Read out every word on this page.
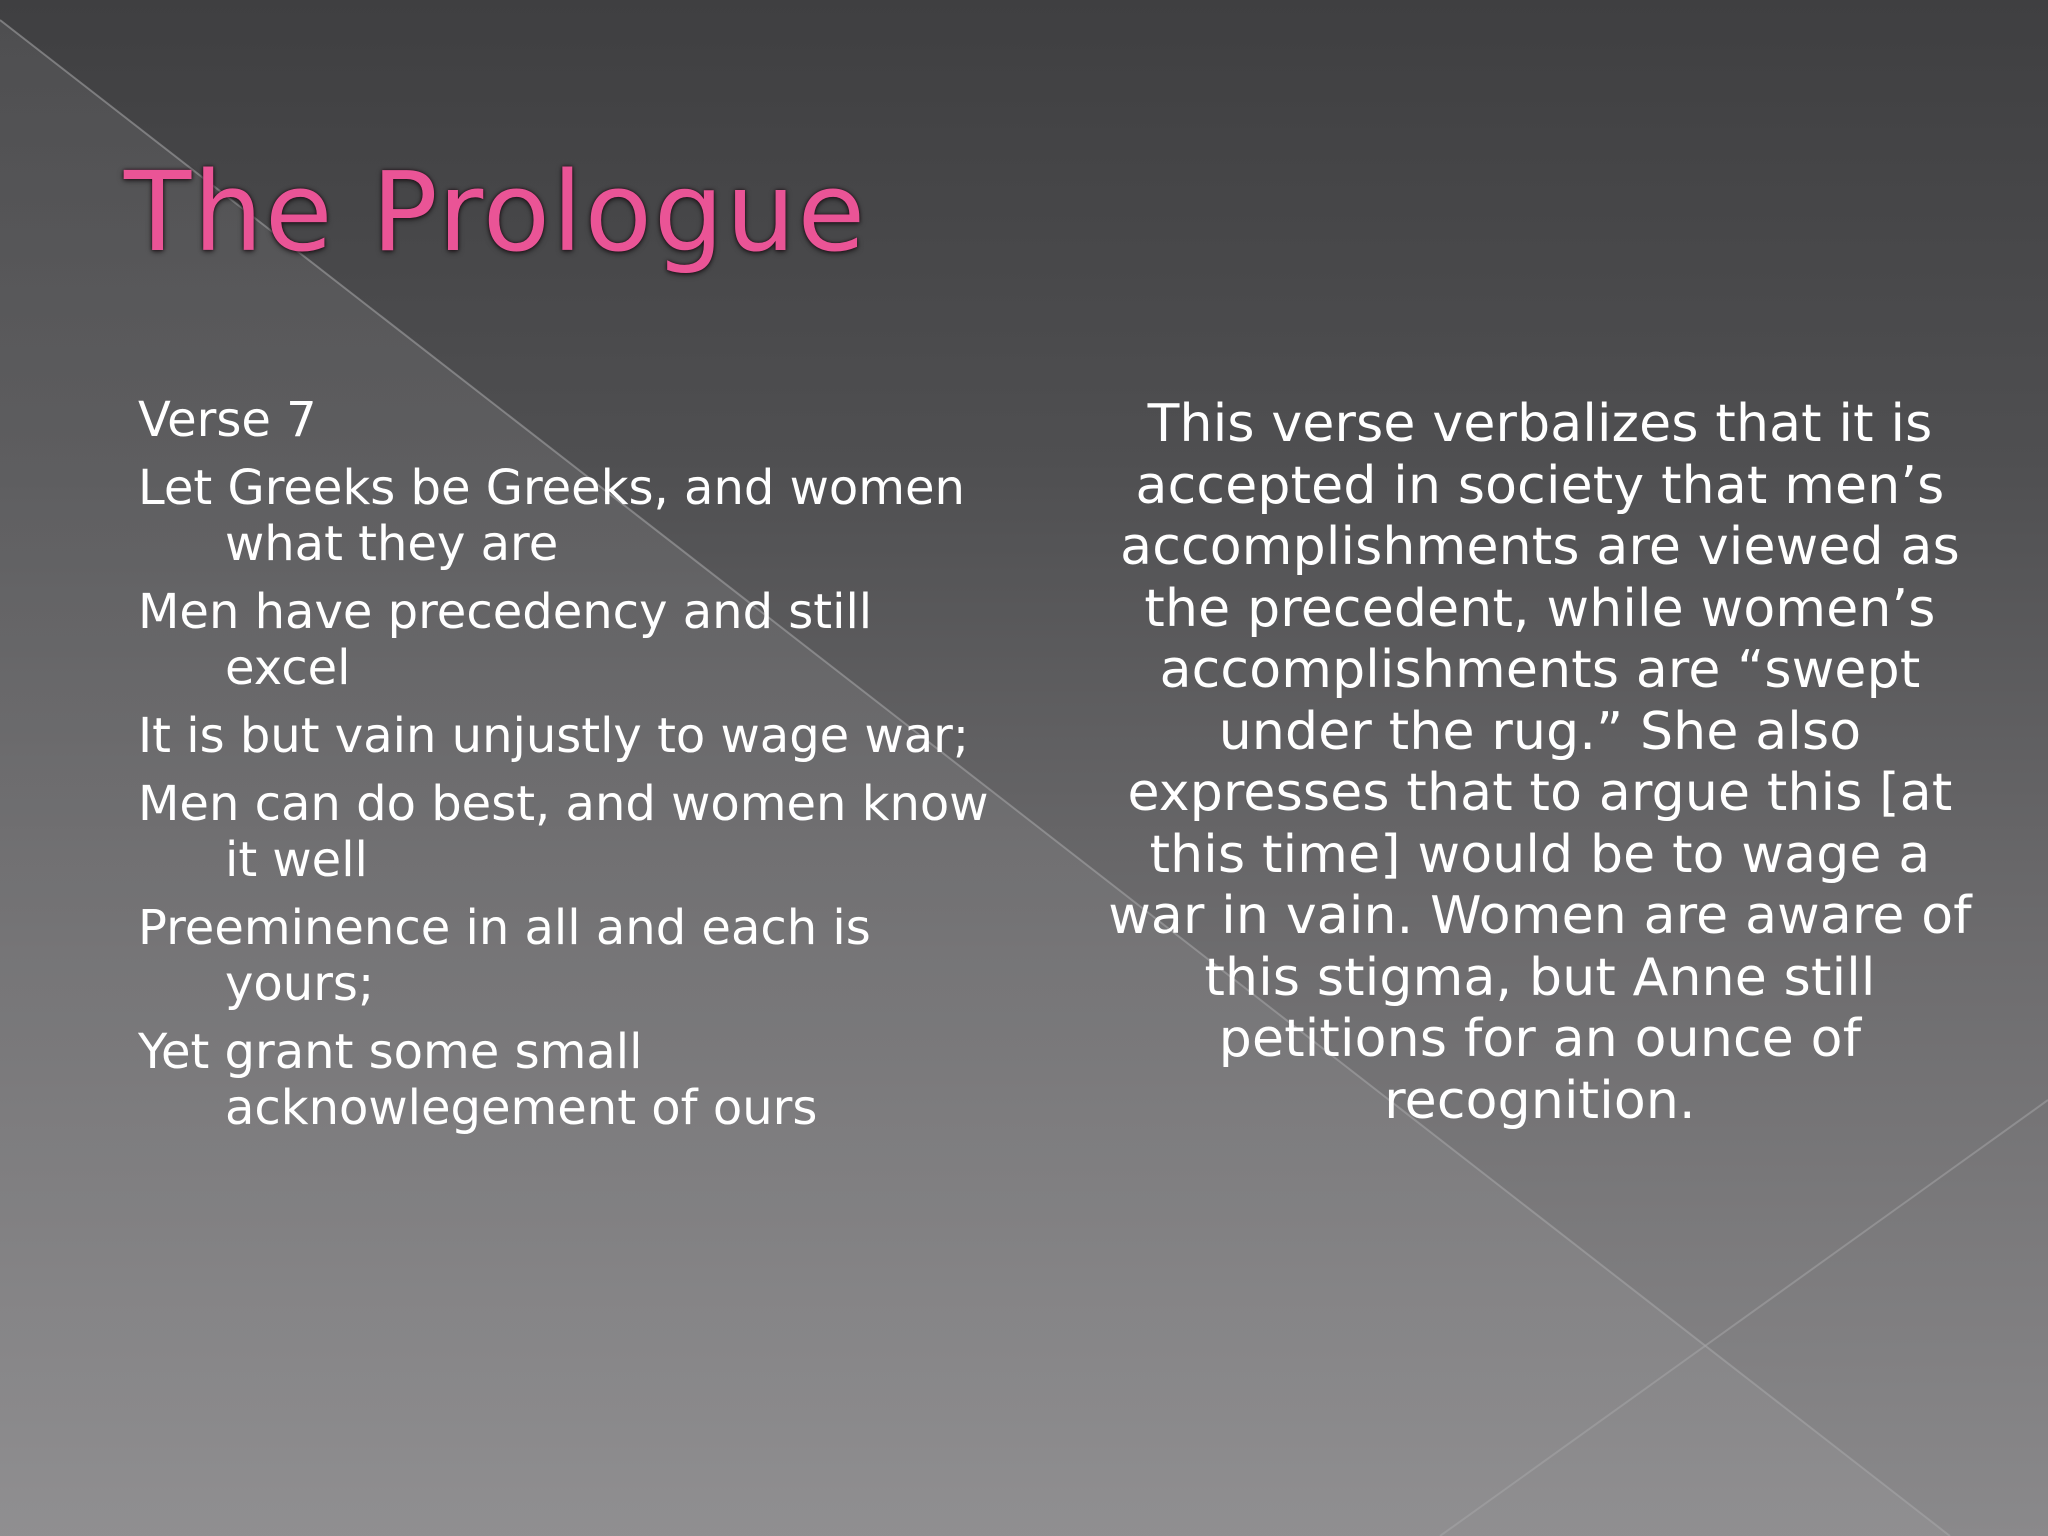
The Prologue

Verse 7

Let Greeks be Greeks, and women what they are

Men have precedency and still excel

It is but vain unjustly to wage war;

Men can do best, and women know it well

Preeminence in all and each is yours;

Yet grant some small acknowlegement of ours

This verse verbalizes that it is accepted in society that men’s accomplishments are viewed as the precedent, while women’s accomplishments are “swept under the rug.” She also expresses that to argue this [at this time] would be to wage a war in vain. Women are aware of this stigma, but Anne still petitions for an ounce of recognition.
